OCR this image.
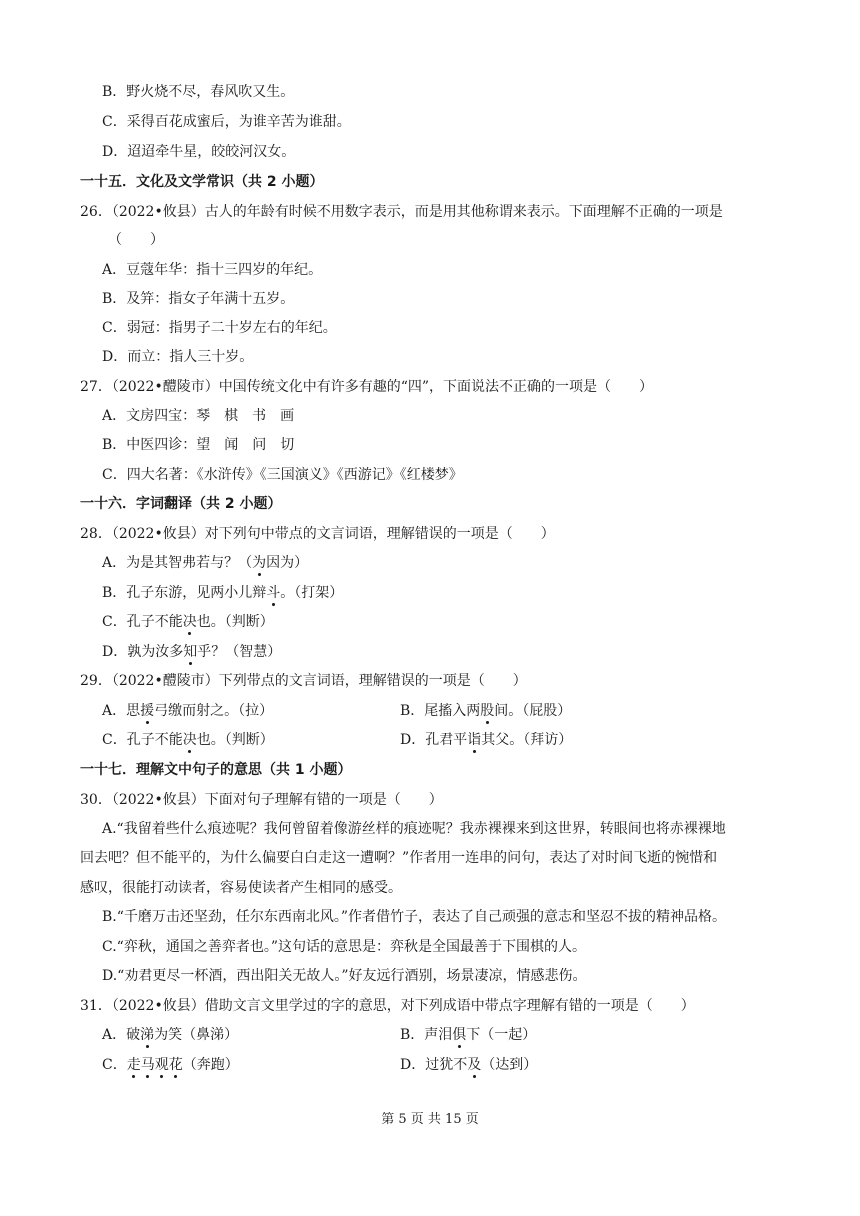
B．野火烧不尽，春风吹又生。
C．采得百花成蜜后，为谁辛苦为谁甜。
D．迢迢牵牛星，皎皎河汉女。
一十五．文化及文学常识（共 2 小题）
26．（2022•攸县）古人的年龄有时候不用数字表示，而是用其他称谓来表示。下面理解不正确的一项是
（　　）
A．豆蔻年华：指十三四岁的年纪。
B．及笄：指女子年满十五岁。
C．弱冠：指男子二十岁左右的年纪。
D．而立：指人三十岁。
27．（2022•醴陵市）中国传统文化中有许多有趣的“四”，下面说法不正确的一项是（　　）
A．文房四宝：琴　棋　书　画
B．中医四诊：望　闻　问　切
C．四大名著：《水浒传》《三国演义》《西游记》《红楼梦》
一十六．字词翻译（共 2 小题）
28．（2022•攸县）对下列句中带点的文言词语，理解错误的一项是（　　）
A．为是其智弗若与？（为因为）
B．孔子东游，见两小儿辩斗。（打架）
C．孔子不能决也。（判断）
D．孰为汝多知乎？（智慧）
29．（2022•醴陵市）下列带点的文言词语，理解错误的一项是（　　）
A．思援弓缴而射之。（拉）	B．尾搐入两股间。（屁股）
C．孔子不能决也。（判断）	D．孔君平诣其父。（拜访）
一十七．理解文中句子的意思（共 1 小题）
30．（2022•攸县）下面对句子理解有错的一项是（　　）
A.“我留着些什么痕迹呢？我何曾留着像游丝样的痕迹呢？我赤裸裸来到这世界，转眼间也将赤裸裸地
回去吧？但不能平的，为什么偏要白白走这一遭啊？”作者用一连串的问句，表达了对时间飞逝的惋惜和
感叹，很能打动读者，容易使读者产生相同的感受。
B.“千磨万击还坚劲，任尔东西南北风。”作者借竹子，表达了自己顽强的意志和坚忍不拔的精神品格。
C.“弈秋，通国之善弈者也。”这句话的意思是：弈秋是全国最善于下围棋的人。
D.“劝君更尽一杯酒，西出阳关无故人。”好友远行酒别，场景凄凉，情感悲伤。
31．（2022•攸县）借助文言文里学过的字的意思，对下列成语中带点字理解有错的一项是（　　）
A．破涕为笑（鼻涕）	B．声泪俱下（一起）
C．走马观花（奔跑）	D．过犹不及（达到）
第 5 页 共 15 页
